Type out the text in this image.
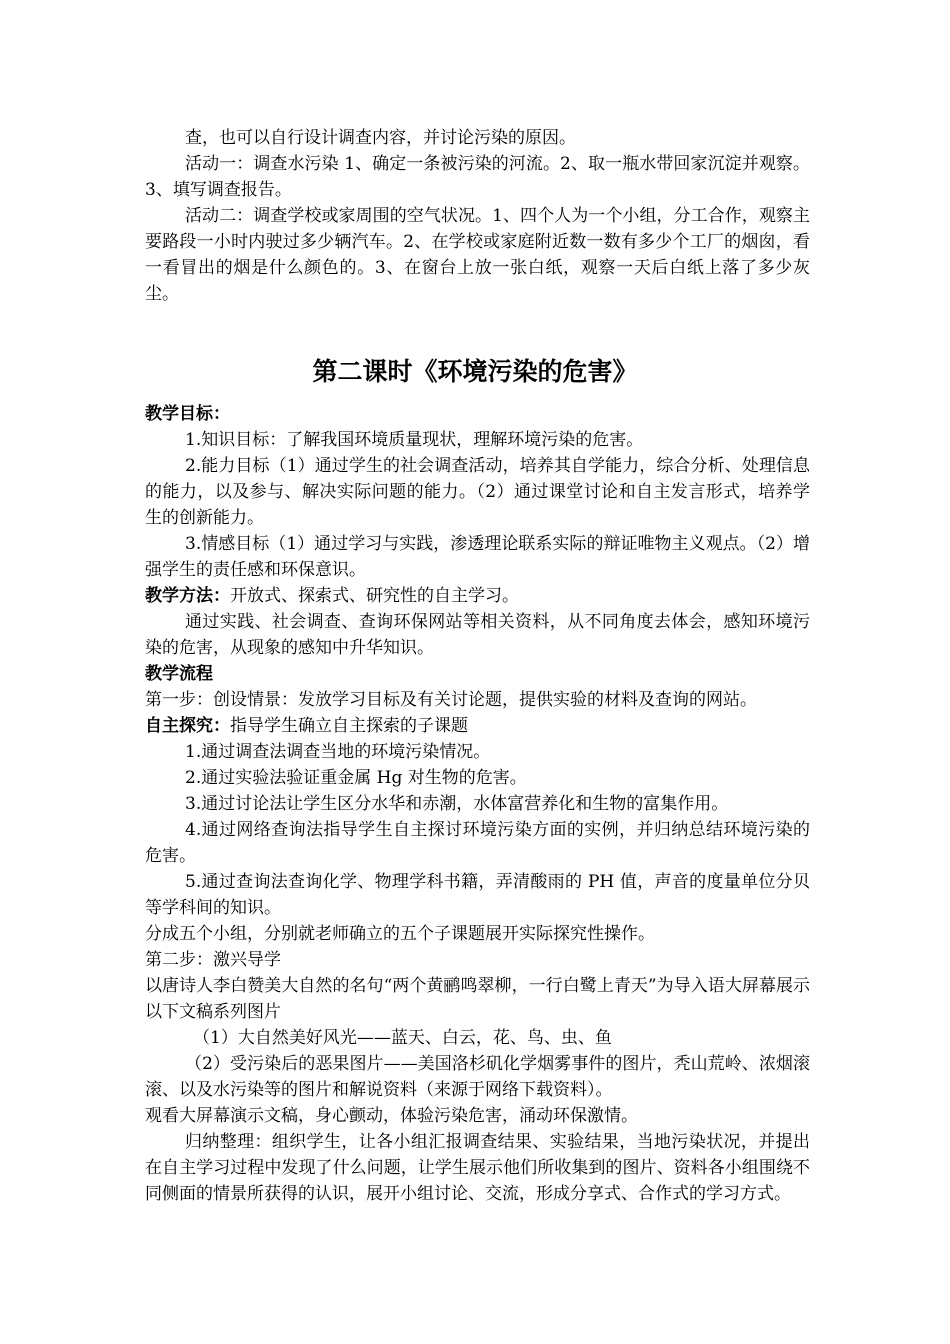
查，也可以自行设计调查内容，并讨论污染的原因。

活动一：调查水污染 1、确定一条被污染的河流。2、取一瓶水带回家沉淀并观察。3、填写调查报告。

活动二：调查学校或家周围的空气状况。1、四个人为一个小组，分工合作，观察主要路段一小时内驶过多少辆汽车。2、在学校或家庭附近数一数有多少个工厂的烟囱，看一看冒出的烟是什么颜色的。3、在窗台上放一张白纸，观察一天后白纸上落了多少灰尘。

第二课时《环境污染的危害》

教学目标：

1.知识目标：了解我国环境质量现状，理解环境污染的危害。

2.能力目标（1）通过学生的社会调查活动，培养其自学能力，综合分析、处理信息的能力，以及参与、解决实际问题的能力。（2）通过课堂讨论和自主发言形式，培养学生的创新能力。

3.情感目标（1）通过学习与实践，渗透理论联系实际的辩证唯物主义观点。（2）增强学生的责任感和环保意识。

教学方法：开放式、探索式、研究性的自主学习。

通过实践、社会调查、查询环保网站等相关资料，从不同角度去体会，感知环境污染的危害，从现象的感知中升华知识。

教学流程

第一步：创设情景：发放学习目标及有关讨论题，提供实验的材料及查询的网站。

自主探究：指导学生确立自主探索的子课题

1.通过调查法调查当地的环境污染情况。

2.通过实验法验证重金属 Hg 对生物的危害。

3.通过讨论法让学生区分水华和赤潮，水体富营养化和生物的富集作用。

4.通过网络查询法指导学生自主探讨环境污染方面的实例，并归纳总结环境污染的危害。

5.通过查询法查询化学、物理学科书籍，弄清酸雨的 PH 值，声音的度量单位分贝等学科间的知识。

分成五个小组，分别就老师确立的五个子课题展开实际探究性操作。

第二步：激兴导学

以唐诗人李白赞美大自然的名句“两个黄鹂鸣翠柳，一行白鹭上青天”为导入语大屏幕展示以下文稿系列图片

（1）大自然美好风光——蓝天、白云，花、鸟、虫、鱼

（2）受污染后的恶果图片——美国洛杉矶化学烟雾事件的图片，秃山荒岭、浓烟滚滚、以及水污染等的图片和解说资料（来源于网络下载资料）。

观看大屏幕演示文稿，身心颤动，体验污染危害，涌动环保激情。

归纳整理：组织学生，让各小组汇报调查结果、实验结果，当地污染状况，并提出在自主学习过程中发现了什么问题，让学生展示他们所收集到的图片、资料各小组围绕不同侧面的情景所获得的认识，展开小组讨论、交流，形成分享式、合作式的学习方式。
